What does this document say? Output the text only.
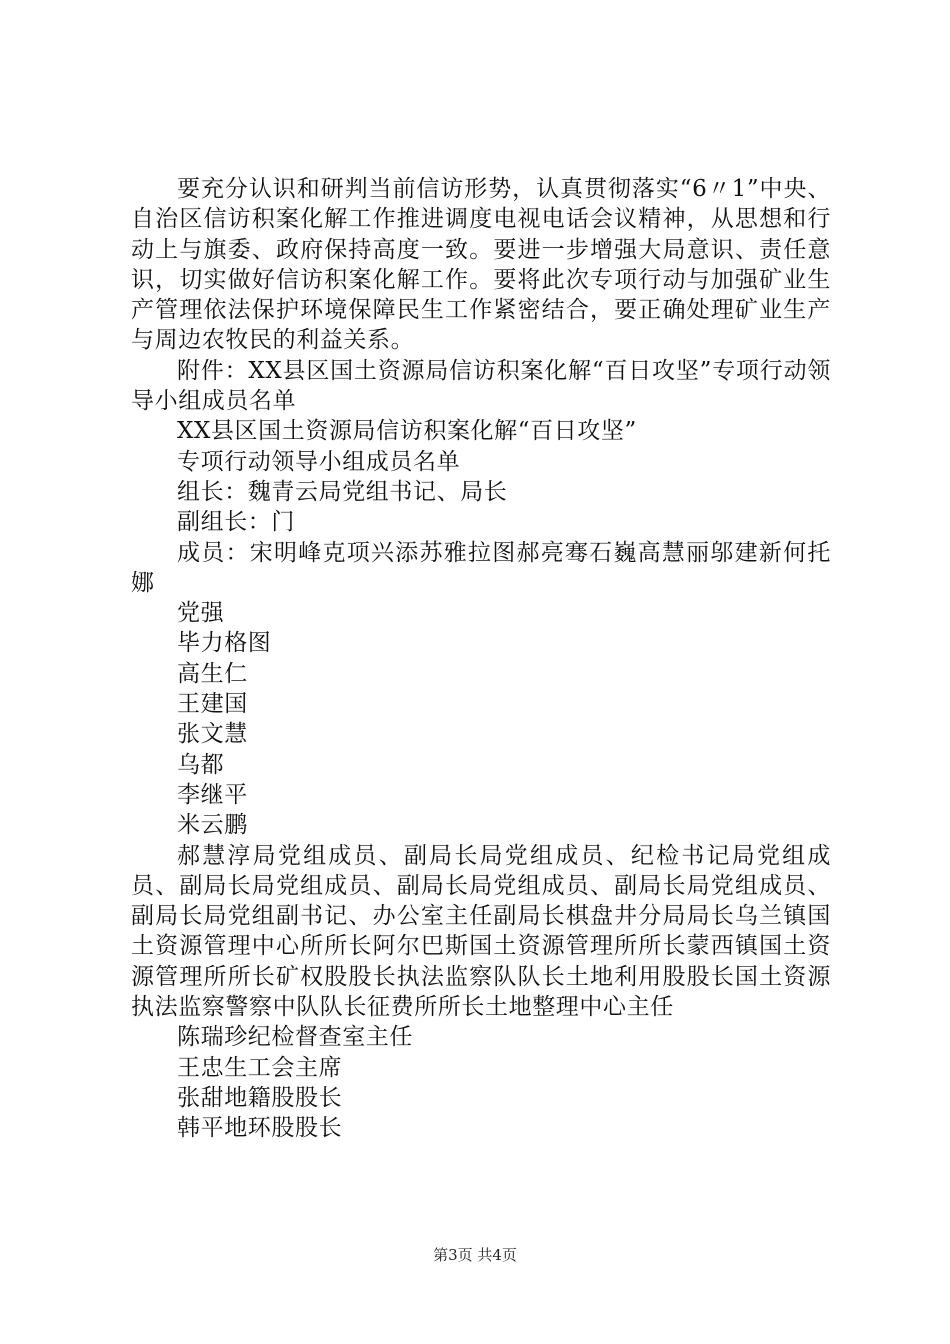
要充分认识和研判当前信访形势，认真贯彻落实“6〃1”中央、自治区信访积案化解工作推进调度电视电话会议精神，从思想和行动上与旗委、政府保持高度一致。要进一步增强大局意识、责任意识，切实做好信访积案化解工作。要将此次专项行动与加强矿业生产管理依法保护环境保障民生工作紧密结合，要正确处理矿业生产与周边农牧民的利益关系。

附件：XX县区国土资源局信访积案化解“百日攻坚”专项行动领导小组成员名单

XX县区国土资源局信访积案化解“百日攻坚”

专项行动领导小组成员名单

组长：魏青云局党组书记、局长

副组长：门

成员：宋明峰克项兴添苏雅拉图郝亮骞石巍高慧丽邬建新何托娜

党强

毕力格图

高生仁

王建国

张文慧

乌都

李继平

米云鹏

郝慧淳局党组成员、副局长局党组成员、纪检书记局党组成员、副局长局党组成员、副局长局党组成员、副局长局党组成员、副局长局党组副书记、办公室主任副局长棋盘井分局局长乌兰镇国土资源管理中心所所长阿尔巴斯国土资源管理所所长蒙西镇国土资源管理所所长矿权股股长执法监察队队长土地利用股股长国土资源执法监察警察中队队长征费所所长土地整理中心主任

陈瑞珍纪检督查室主任

王忠生工会主席

张甜地籍股股长

韩平地环股股长

第3页 共4页
